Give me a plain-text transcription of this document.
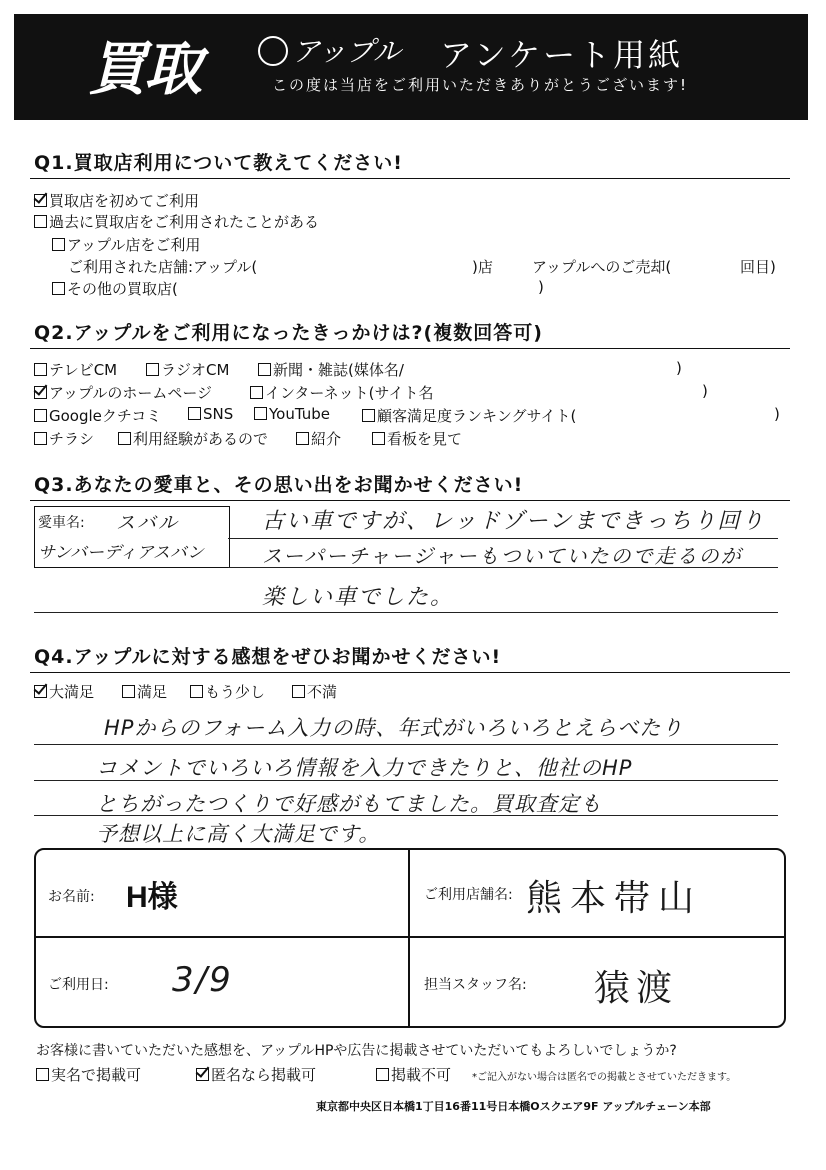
買取	アップル アンケート用紙
この度は当店をご利用いただきありがとうございます!
Q1.買取店利用について教えてください!
買取店を初めてご利用
過去に買取店をご利用されたことがある
アップル店をご利用
ご利用された店舗:アップル(	)店	アップルへのご売却(	回目)
その他の買取店(	)
Q2.アップルをご利用になったきっかけは?(複数回答可)
テレビCM	ラジオCM	新聞・雑誌(媒体名/	)
アップルのホームページ	インターネット(サイト名	)
Googleクチコミ	SNS	YouTube	顧客満足度ランキングサイト(	)
チラシ	利用経験があるので	紹介	看板を見て
Q3.あなたの愛車と、その思い出をお聞かせください!
愛車名: スバル
サンバーディアスバン
古い車ですが、レッドゾーンまできっちり回り
スーパーチャージャーもついていたので走るのが
楽しい車でした。
Q4.アップルに対する感想をぜひお聞かせください!
大満足	満足	もう少し	不満
HPからのフォーム入力の時、年式がいろいろとえらべたり
コメントでいろいろ情報を入力できたりと、他社のHP
とちがったつくりで好感がもてました。買取査定も
予想以上に高く大満足です。
お名前: H様	ご利用店舗名: 熊本帯山
ご利用日: 3/9	担当スタッフ名: 猿渡
お客様に書いていただいた感想を、アップルHPや広告に掲載させていただいてもよろしいでしょうか?
実名で掲載可	匿名なら掲載可	掲載不可 *ご記入がない場合は匿名での掲載とさせていただきます。
東京都中央区日本橋1丁目16番11号日本橋Oスクエア9F アップルチェーン本部
